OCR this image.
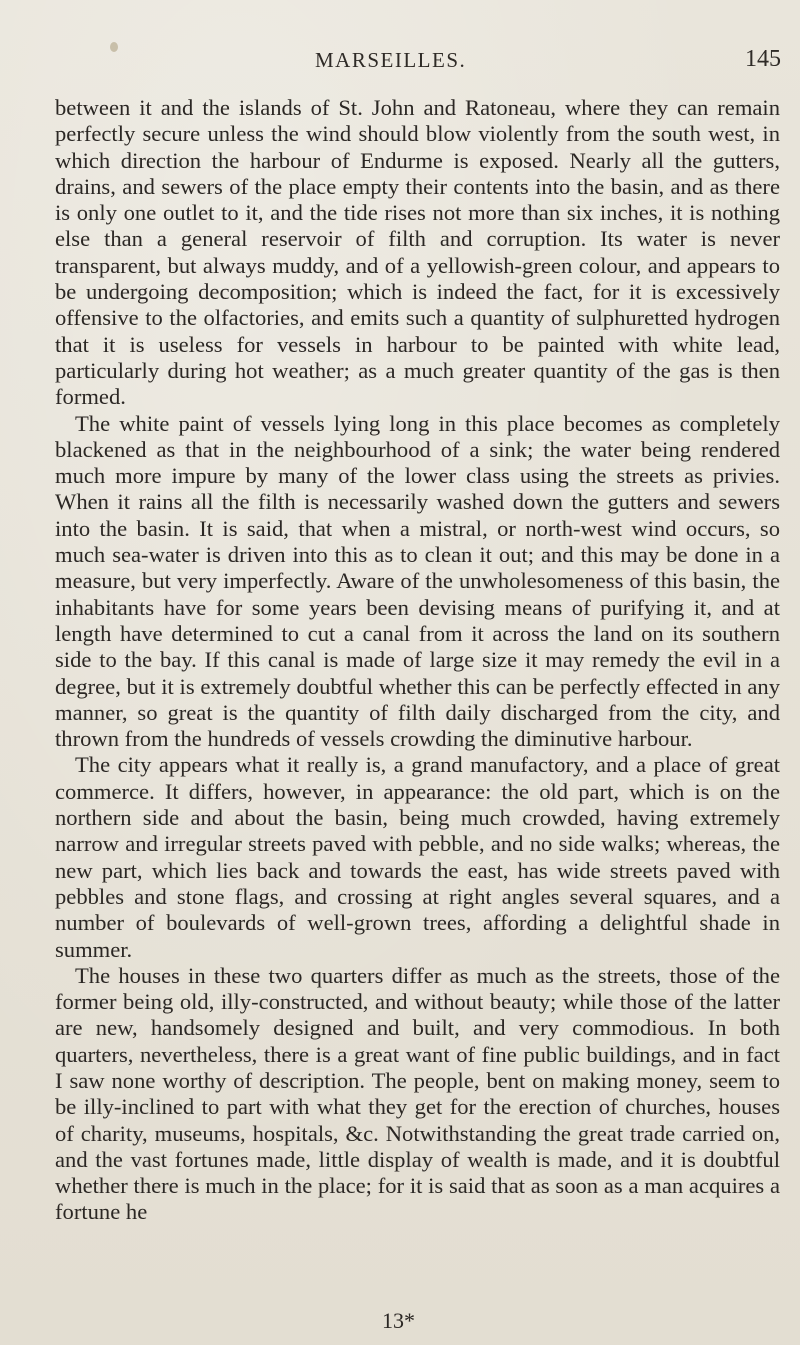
MARSEILLES.	145

between it and the islands of St. John and Ratoneau, where they can remain perfectly secure unless the wind should blow violently from the south west, in which direction the harbour of Endurme is exposed. Nearly all the gutters, drains, and sewers of the place empty their contents into the basin, and as there is only one outlet to it, and the tide rises not more than six inches, it is nothing else than a general reservoir of filth and corruption. Its water is never transparent, but always muddy, and of a yellowish-green colour, and appears to be undergoing decomposition; which is indeed the fact, for it is excessively offensive to the olfactories, and emits such a quantity of sulphuretted hydrogen that it is useless for vessels in harbour to be painted with white lead, particularly during hot weather; as a much greater quantity of the gas is then formed.

The white paint of vessels lying long in this place becomes as completely blackened as that in the neighbourhood of a sink; the water being rendered much more impure by many of the lower class using the streets as privies. When it rains all the filth is necessarily washed down the gutters and sewers into the basin. It is said, that when a mistral, or north-west wind occurs, so much sea-water is driven into this as to clean it out; and this may be done in a measure, but very imperfectly. Aware of the unwholesomeness of this basin, the inhabitants have for some years been devising means of purifying it, and at length have determined to cut a canal from it across the land on its southern side to the bay. If this canal is made of large size it may remedy the evil in a degree, but it is extremely doubtful whether this can be perfectly effected in any manner, so great is the quantity of filth daily discharged from the city, and thrown from the hundreds of vessels crowding the diminutive harbour.

The city appears what it really is, a grand manufactory, and a place of great commerce. It differs, however, in appearance: the old part, which is on the northern side and about the basin, being much crowded, having extremely narrow and irregular streets paved with pebble, and no side walks; whereas, the new part, which lies back and towards the east, has wide streets paved with pebbles and stone flags, and crossing at right angles several squares, and a number of boulevards of well-grown trees, affording a delightful shade in summer.

The houses in these two quarters differ as much as the streets, those of the former being old, illy-constructed, and without beauty; while those of the latter are new, handsomely designed and built, and very commodious. In both quarters, nevertheless, there is a great want of fine public buildings, and in fact I saw none worthy of description. The people, bent on making money, seem to be illy-inclined to part with what they get for the erection of churches, houses of charity, museums, hospitals, &c. Notwithstanding the great trade carried on, and the vast fortunes made, little display of wealth is made, and it is doubtful whether there is much in the place; for it is said that as soon as a man acquires a fortune he

13*
